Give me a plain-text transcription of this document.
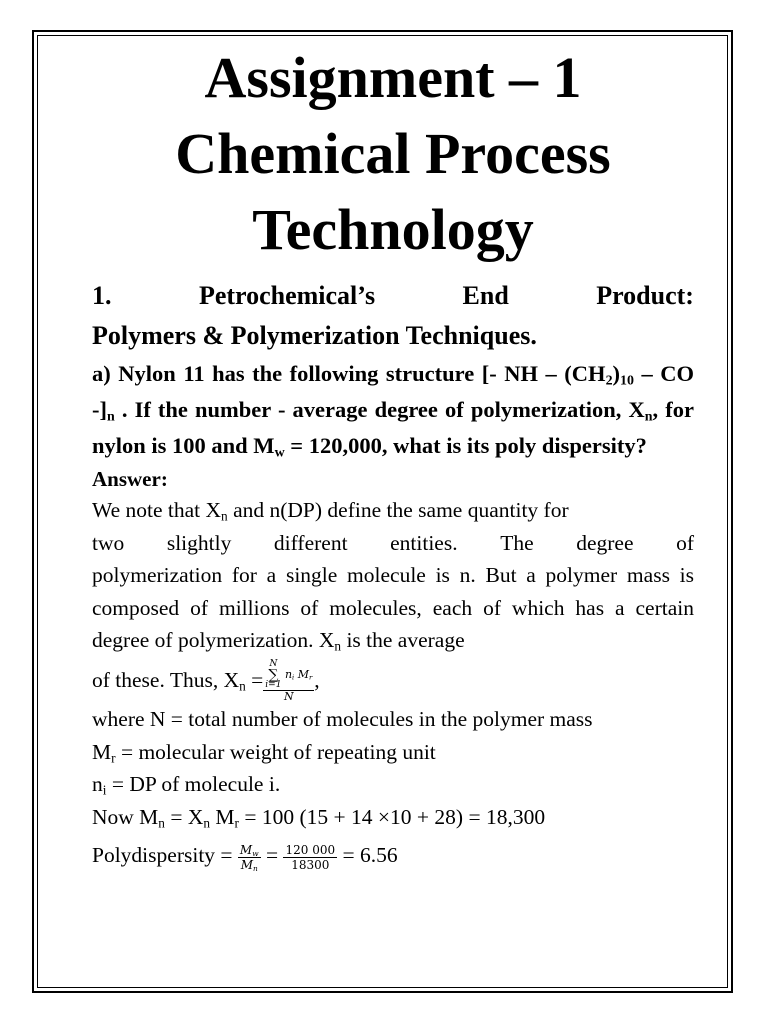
Assignment – 1

Chemical Process

Technology

1.	Petrochemical’s	End	Product:
Polymers & Polymerization Techniques.
a) Nylon 11 has the following structure [- NH – $(CH_2)_{10}$ – CO $-]_n$ . If the number - average degree of polymerization, $X_n$, for nylon is 100 and $M_w = 120,000$, what is its poly dispersity?
Answer:
We note that $X_n$ and n(DP) define the same quantity for
two slightly different entities. The degree of
polymerization for a single molecule is n. But a polymer mass is composed of millions of molecules, each of which has a certain degree of polymerization. $X_n$ is the average
of these. Thus, $X_n = N$
∑
i=1 $n_i$ $M_r$
N ,
where N = total number of molecules in the polymer mass
$M_r$ = molecular weight of repeating unit
$n_i$ = DP of molecule i.
Now $M_n = X_n$ $M_r = 100$ (15 + 14 ×10 + 28) = 18,300
Polydispersity = $\frac{M_w}{M_n} = \frac{120 000}{18300} = 6.56$
